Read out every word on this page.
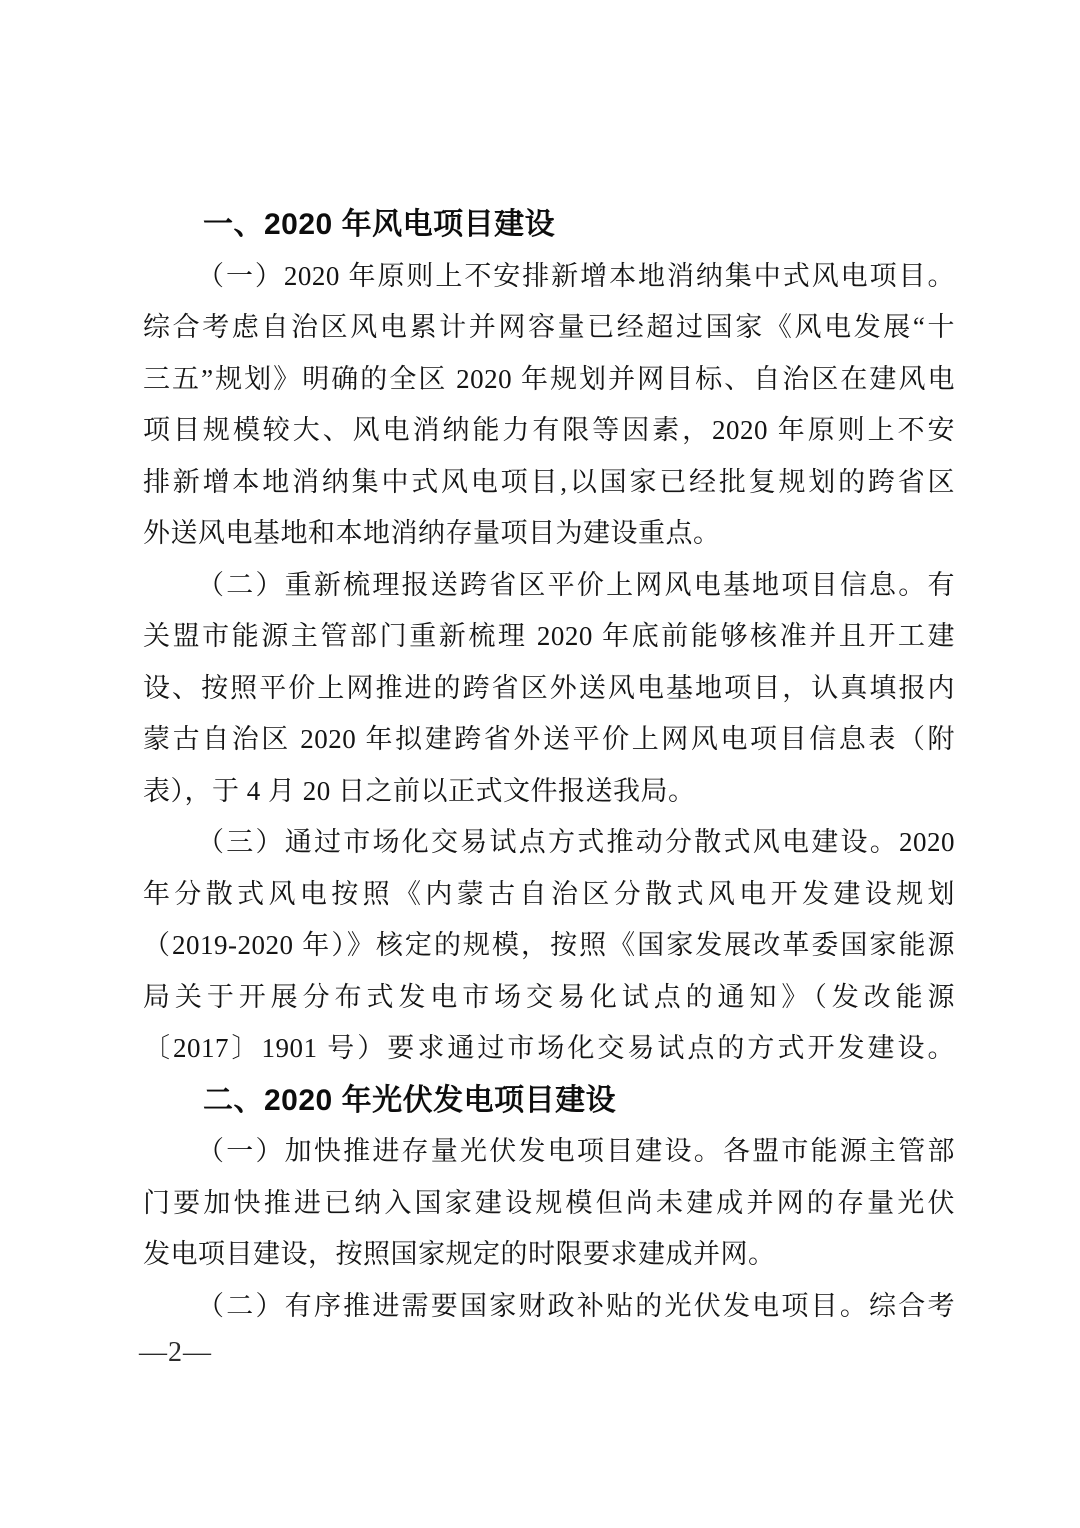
一、2020 年风电项目建设
（一）2020 年原则上不安排新增本地消纳集中式风电项目。
综合考虑自治区风电累计并网容量已经超过国家《风电发展“十
三五”规划》明确的全区 2020 年规划并网目标、自治区在建风电
项目规模较大、风电消纳能力有限等因素，2020 年原则上不安
排新增本地消纳集中式风电项目,以国家已经批复规划的跨省区
外送风电基地和本地消纳存量项目为建设重点。
（二）重新梳理报送跨省区平价上网风电基地项目信息。有
关盟市能源主管部门重新梳理 2020 年底前能够核准并且开工建
设、按照平价上网推进的跨省区外送风电基地项目，认真填报内
蒙古自治区 2020 年拟建跨省外送平价上网风电项目信息表（附
表），于 4 月 20 日之前以正式文件报送我局。
（三）通过市场化交易试点方式推动分散式风电建设。2020
年分散式风电按照《内蒙古自治区分散式风电开发建设规划
（2019-2020 年）》核定的规模，按照《国家发展改革委国家能源
局关于开展分布式发电市场交易化试点的通知》（发改能源
〔2017〕1901 号）要求通过市场化交易试点的方式开发建设。
二、2020 年光伏发电项目建设
（一）加快推进存量光伏发电项目建设。各盟市能源主管部
门要加快推进已纳入国家建设规模但尚未建成并网的存量光伏
发电项目建设，按照国家规定的时限要求建成并网。
（二）有序推进需要国家财政补贴的光伏发电项目。综合考
—2—
